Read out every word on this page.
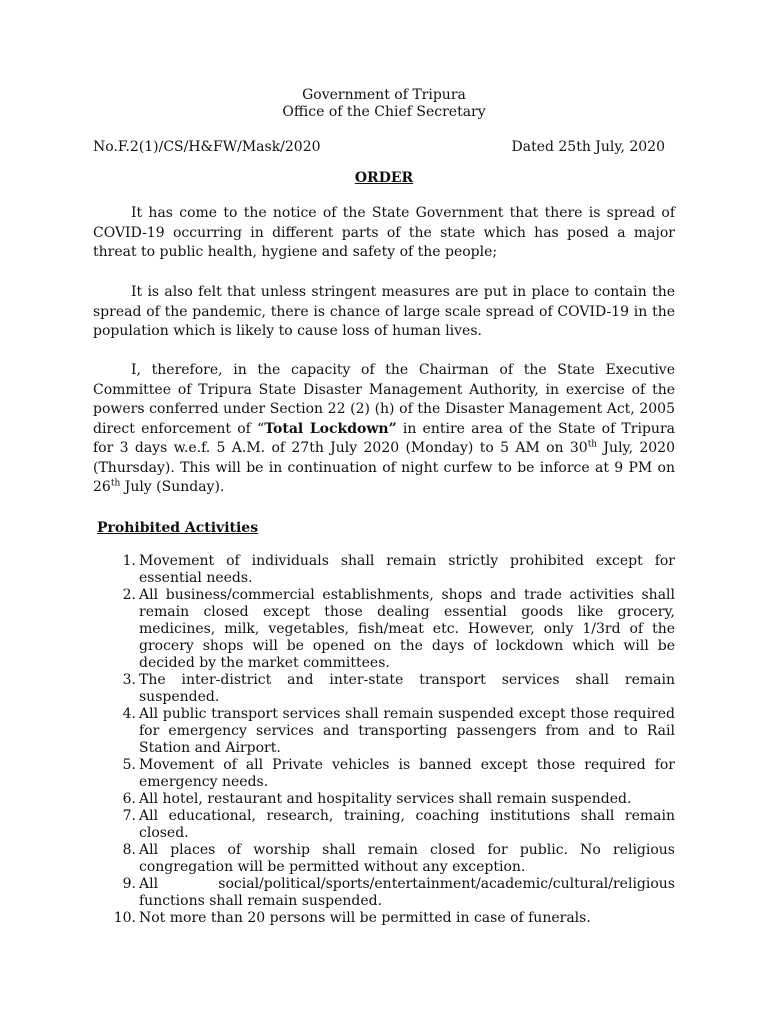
Government of Tripura
Office of the Chief Secretary
No.F.2(1)/CS/H&FW/Mask/2020	Dated 25th July, 2020
ORDER

It has come to the notice of the State Government that there is spread of COVID-19 occurring in different parts of the state which has posed a major threat to public health, hygiene and safety of the people;

It is also felt that unless stringent measures are put in place to contain the spread of the pandemic, there is chance of large scale spread of COVID-19 in the population which is likely to cause loss of human lives.

I, therefore, in the capacity of the Chairman of the State Executive Committee of Tripura State Disaster Management Authority, in exercise of the powers conferred under Section 22 (2) (h) of the Disaster Management Act, 2005 direct enforcement of “Total Lockdown” in entire area of the State of Tripura for 3 days w.e.f. 5 A.M. of 27th July 2020 (Monday) to 5 AM on 30th July, 2020 (Thursday). This will be in continuation of night curfew to be inforce at 9 PM on 26th July (Sunday).

Prohibited Activities
1. Movement of individuals shall remain strictly prohibited except for essential needs.
2. All business/commercial establishments, shops and trade activities shall remain closed except those dealing essential goods like grocery, medicines, milk, vegetables, fish/meat etc. However, only 1/3rd of the grocery shops will be opened on the days of lockdown which will be decided by the market committees.
3. The inter-district and inter-state transport services shall remain suspended.
4. All public transport services shall remain suspended except those required for emergency services and transporting passengers from and to Rail Station and Airport.
5. Movement of all Private vehicles is banned except those required for emergency needs.
6. All hotel, restaurant and hospitality services shall remain suspended.
7. All educational, research, training, coaching institutions shall remain closed.
8. All places of worship shall remain closed for public. No religious congregation will be permitted without any exception.
9. All social/political/sports/entertainment/academic/cultural/religious functions shall remain suspended.
10. Not more than 20 persons will be permitted in case of funerals.
